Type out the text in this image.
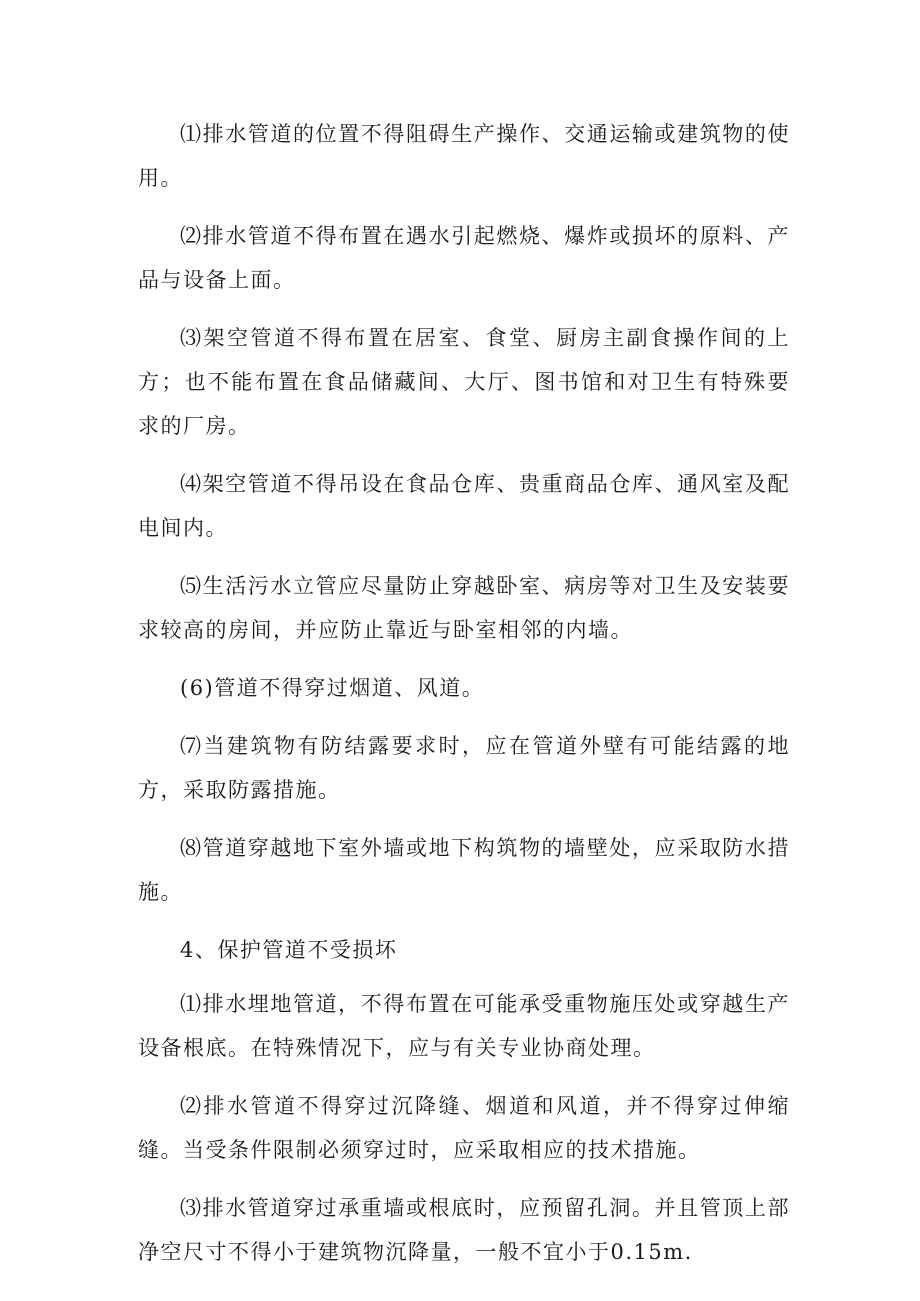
⑴排水管道的位置不得阻碍生产操作、交通运输或建筑物的使用。

⑵排水管道不得布置在遇水引起燃烧、爆炸或损坏的原料、产品与设备上面。

⑶架空管道不得布置在居室、食堂、厨房主副食操作间的上方；也不能布置在食品储藏间、大厅、图书馆和对卫生有特殊要求的厂房。

⑷架空管道不得吊设在食品仓库、贵重商品仓库、通风室及配电间内。

⑸生活污水立管应尽量防止穿越卧室、病房等对卫生及安装要求较高的房间，并应防止靠近与卧室相邻的内墙。

(6)管道不得穿过烟道、风道。

⑺当建筑物有防结露要求时，应在管道外壁有可能结露的地方，采取防露措施。

⑻管道穿越地下室外墙或地下构筑物的墙壁处，应采取防水措施。

4、保护管道不受损坏

⑴排水埋地管道，不得布置在可能承受重物施压处或穿越生产设备根底。在特殊情况下，应与有关专业协商处理。

⑵排水管道不得穿过沉降缝、烟道和风道，并不得穿过伸缩缝。当受条件限制必须穿过时，应采取相应的技术措施。

⑶排水管道穿过承重墙或根底时，应预留孔洞。并且管顶上部净空尺寸不得小于建筑物沉降量，一般不宜小于0.15m.
